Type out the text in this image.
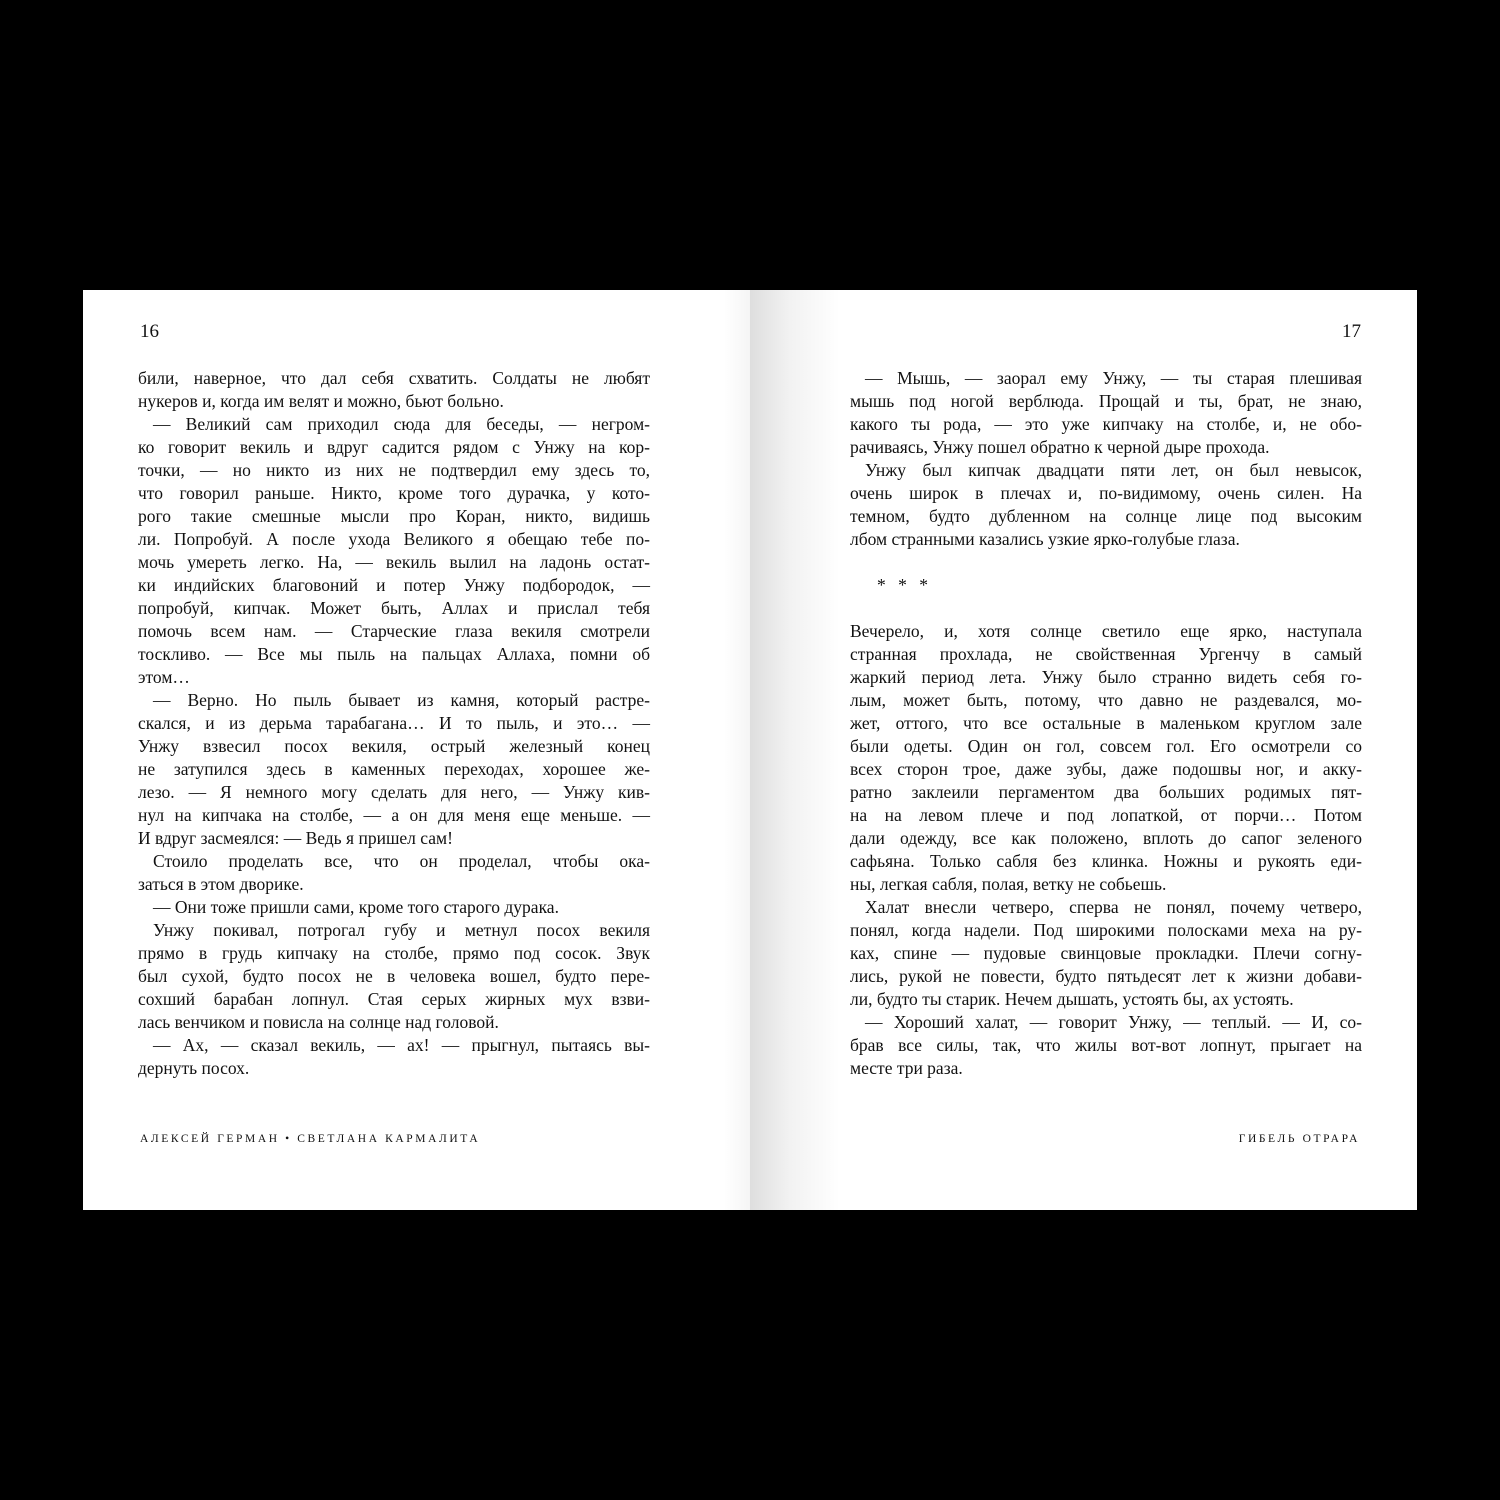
16
били, наверное, что дал себя схватить. Солдаты не любят
нукеров и, когда им велят и можно, бьют больно.
— Великий сам приходил сюда для беседы, — негром-
ко говорит векиль и вдруг садится рядом с Унжу на кор-
точки, — но никто из них не подтвердил ему здесь то,
что говорил раньше. Никто, кроме того дурачка, у кото-
рого такие смешные мысли про Коран, никто, видишь
ли. Попробуй. А после ухода Великого я обещаю тебе по-
мочь умереть легко. На, — векиль вылил на ладонь остат-
ки индийских благовоний и потер Унжу подбородок, —
попробуй, кипчак. Может быть, Аллах и прислал тебя
помочь всем нам. — Старческие глаза векиля смотрели
тоскливо. — Все мы пыль на пальцах Аллаха, помни об
этом…
— Верно. Но пыль бывает из камня, который растре-
скался, и из дерьма тарабагана… И то пыль, и это… —
Унжу взвесил посох векиля, острый железный конец
не затупился здесь в каменных переходах, хорошее же-
лезо. — Я немного могу сделать для него, — Унжу кив-
нул на кипчака на столбе, — а он для меня еще меньше. —
И вдруг засмеялся: — Ведь я пришел сам!
Стоило проделать все, что он проделал, чтобы ока-
заться в этом дворике.
— Они тоже пришли сами, кроме того старого дурака.
Унжу покивал, потрогал губу и метнул посох векиля
прямо в грудь кипчаку на столбе, прямо под сосок. Звук
был сухой, будто посох не в человека вошел, будто пере-
сохший барабан лопнул. Стая серых жирных мух взви-
лась венчиком и повисла на солнце над головой.
— Ах, — сказал векиль, — ах! — прыгнул, пытаясь вы-
дернуть посох.
АЛЕКСЕЙ ГЕРМАН • СВЕТЛАНА КАРМАЛИТА
17
— Мышь, — заорал ему Унжу, — ты старая плешивая
мышь под ногой верблюда. Прощай и ты, брат, не знаю,
какого ты рода, — это уже кипчаку на столбе, и, не обо-
рачиваясь, Унжу пошел обратно к черной дыре прохода.
Унжу был кипчак двадцати пяти лет, он был невысок,
очень широк в плечах и, по-видимому, очень силен. На
темном, будто дубленном на солнце лице под высоким
лбом странными казались узкие ярко-голубые глаза.
* * *
Вечерело, и, хотя солнце светило еще ярко, наступала
странная прохлада, не свойственная Ургенчу в самый
жаркий период лета. Унжу было странно видеть себя го-
лым, может быть, потому, что давно не раздевался, мо-
жет, оттого, что все остальные в маленьком круглом зале
были одеты. Один он гол, совсем гол. Его осмотрели со
всех сторон трое, даже зубы, даже подошвы ног, и акку-
ратно заклеили пергаментом два больших родимых пят-
на на левом плече и под лопаткой, от порчи… Потом
дали одежду, все как положено, вплоть до сапог зеленого
сафьяна. Только сабля без клинка. Ножны и рукоять еди-
ны, легкая сабля, полая, ветку не собьешь.
Халат внесли четверо, сперва не понял, почему четверо,
понял, когда надели. Под широкими полосками меха на ру-
ках, спине — пудовые свинцовые прокладки. Плечи согну-
лись, рукой не повести, будто пятьдесят лет к жизни добави-
ли, будто ты старик. Нечем дышать, устоять бы, ах устоять.
— Хороший халат, — говорит Унжу, — теплый. — И, со-
брав все силы, так, что жилы вот-вот лопнут, прыгает на
месте три раза.
ГИБЕЛЬ ОТРАРА
